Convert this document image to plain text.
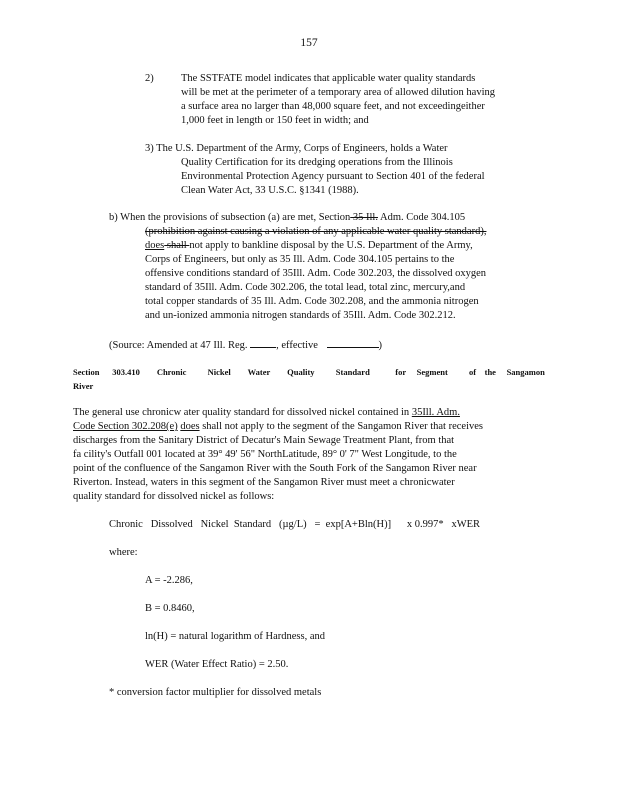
157
2)	The SSTFATE model indicates that applicable water quality standards
will be met at the perimeter of a temporary area of allowed dilution having
a surface area no larger than 48,000 square feet, and not exceedingeither
1,000 feet in length or 150 feet in width; and
3) The U.S. Department of the Army, Corps of Engineers, holds a Water
Quality Certification for its dredging operations from the Illinois
Environmental Protection Agency pursuant to Section 401 of the federal
Clean Water Act, 33 U.S.C. §1341 (1988).
b) When the provisions of subsection (a) are met, Section 35 Ill. Adm. Code 304.105
(prohibition against causing a violation of any applicable water quality standard),
does shall not apply to bankline disposal by the U.S. Department of the Army,
Corps of Engineers, but only as 35 Ill. Adm. Code 304.105 pertains to the
offensive conditions standard of 35Ill. Adm. Code 302.203, the dissolved oxygen
standard of 35Ill. Adm. Code 302.206, the total lead, total zinc, mercury,and
total copper standards of 35 Ill. Adm. Code 302.208, and the ammonia nitrogen
and un-ionized ammonia nitrogen standards of 35Ill. Adm. Code 302.212.
(Source: Amended at 47 Ill. Reg.	, effective	)
Section      303.410        Chronic          Nickel        Water        Quality          Standard            for     Segment          of    the     Sangamon
River
The general use chronicw ater quality standard for dissolved nickel contained in 35Ill. Adm.
Code Section 302.208(e) does shall not apply to the segment of the Sangamon River that receives
discharges from the Sanitary District of Decatur's Main Sewage Treatment Plant, from that
fa cility's Outfall 001 located at 39° 49' 56" NorthLatitude, 89° 0' 7" West Longitude, to the
point of the confluence of the Sangamon River with the South Fork of the Sangamon River near
Riverton. Instead, waters in this segment of the Sangamon River must meet a chronicwater
quality standard for dissolved nickel as follows:
Chronic   Dissolved   Nickel  Standard   (µg/L)   =  exp[A+Bln(H)]      x 0.997*   xWER
where:
A = -2.286,
B = 0.8460,
ln(H) = natural logarithm of Hardness, and
WER (Water Effect Ratio) = 2.50.
* conversion factor multiplier for dissolved metals
